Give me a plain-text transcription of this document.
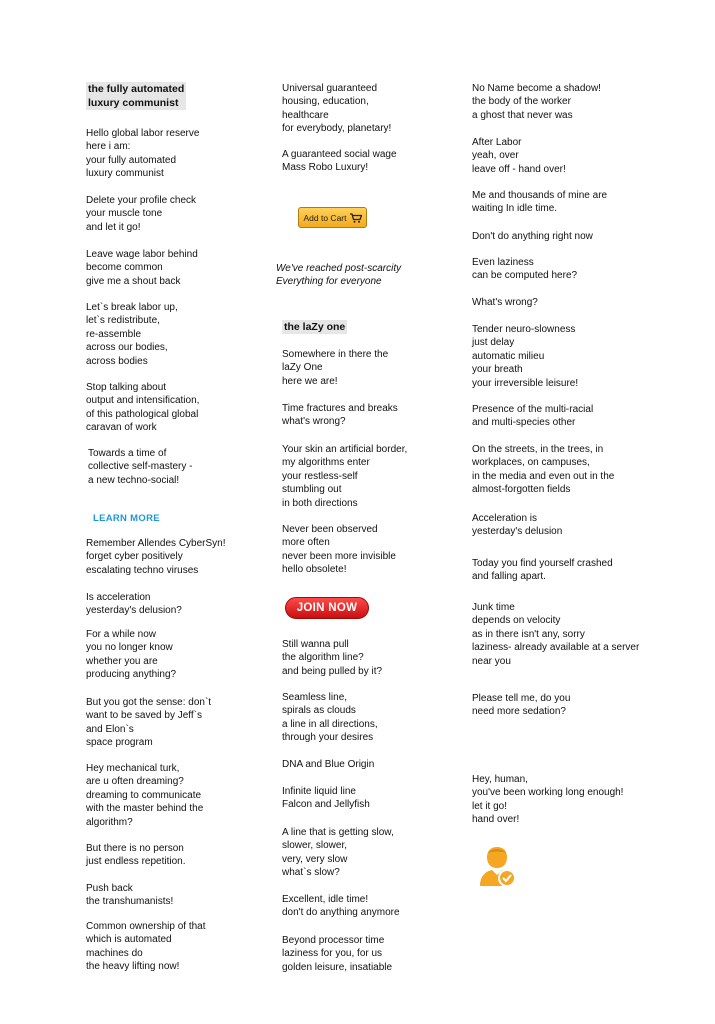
the fully automated
luxury communist
Hello global labor reserve
here i am:
your fully automated
luxury communist
Delete your profile check
your muscle tone
and let it go!
Leave wage labor behind
become common
give me a shout back
Let`s break labor up,
let`s redistribute,
re-assemble
across our bodies,
across bodies
Stop talking about
output and intensification,
of this pathological global
caravan of work
Towards a time of
collective self-mastery -
a new techno-social!
LEARN MORE
Remember Allendes CyberSyn!
forget cyber positively
escalating techno viruses
Is acceleration
yesterday's delusion?
For a while now
you no longer know
whether you are
producing anything?
But you got the sense: don`t
want to be saved by Jeff`s
and Elon`s
space program
Hey mechanical turk,
are u often dreaming?
dreaming to communicate
with the master behind the
algorithm?
But there is no person
just endless repetition.
Push back
the transhumanists!
Common ownership of that
which is automated
machines do
the heavy lifting now!
Universal guaranteed
housing, education,
healthcare
for everybody, planetary!
A guaranteed social wage
Mass Robo Luxury!
Add to Cart
We've reached post-scarcity
Everything for everyone
the laZy one
Somewhere in there the
laZy One
here we are!
Time fractures and breaks
what's wrong?
Your skin an artificial border,
my algorithms enter
your restless-self
stumbling out
in both directions
Never been observed
more often
never been more invisible
hello obsolete!
JOIN NOW
Still wanna pull
the algorithm line?
and being pulled by it?
Seamless line,
spirals as clouds
a line in all directions,
through your desires
DNA and Blue Origin
Infinite liquid line
Falcon and Jellyfish
A line that is getting slow,
slower, slower,
very, very slow
what`s slow?
Excellent, idle time!
don't do anything anymore
Beyond processor time
laziness for you, for us
golden leisure, insatiable
No Name become a shadow!
the body of the worker
a ghost that never was
After Labor
yeah, over
leave off - hand over!
Me and thousands of mine are
waiting In idle time.
Don't do anything right now
Even laziness
can be computed here?
What's wrong?
Tender neuro-slowness
just delay
automatic milieu
your breath
your irreversible leisure!
Presence of the multi-racial
and multi-species other
On the streets, in the trees, in
workplaces, on campuses,
in the media and even out in the
almost-forgotten fields
Acceleration is
yesterday's delusion
Today you find yourself crashed
and falling apart.
Junk time
depends on velocity
as in there isn't any, sorry
laziness- already available at a server
near you
Please tell me, do you
need more sedation?
Hey, human,
you've been working long enough!
let it go!
hand over!
